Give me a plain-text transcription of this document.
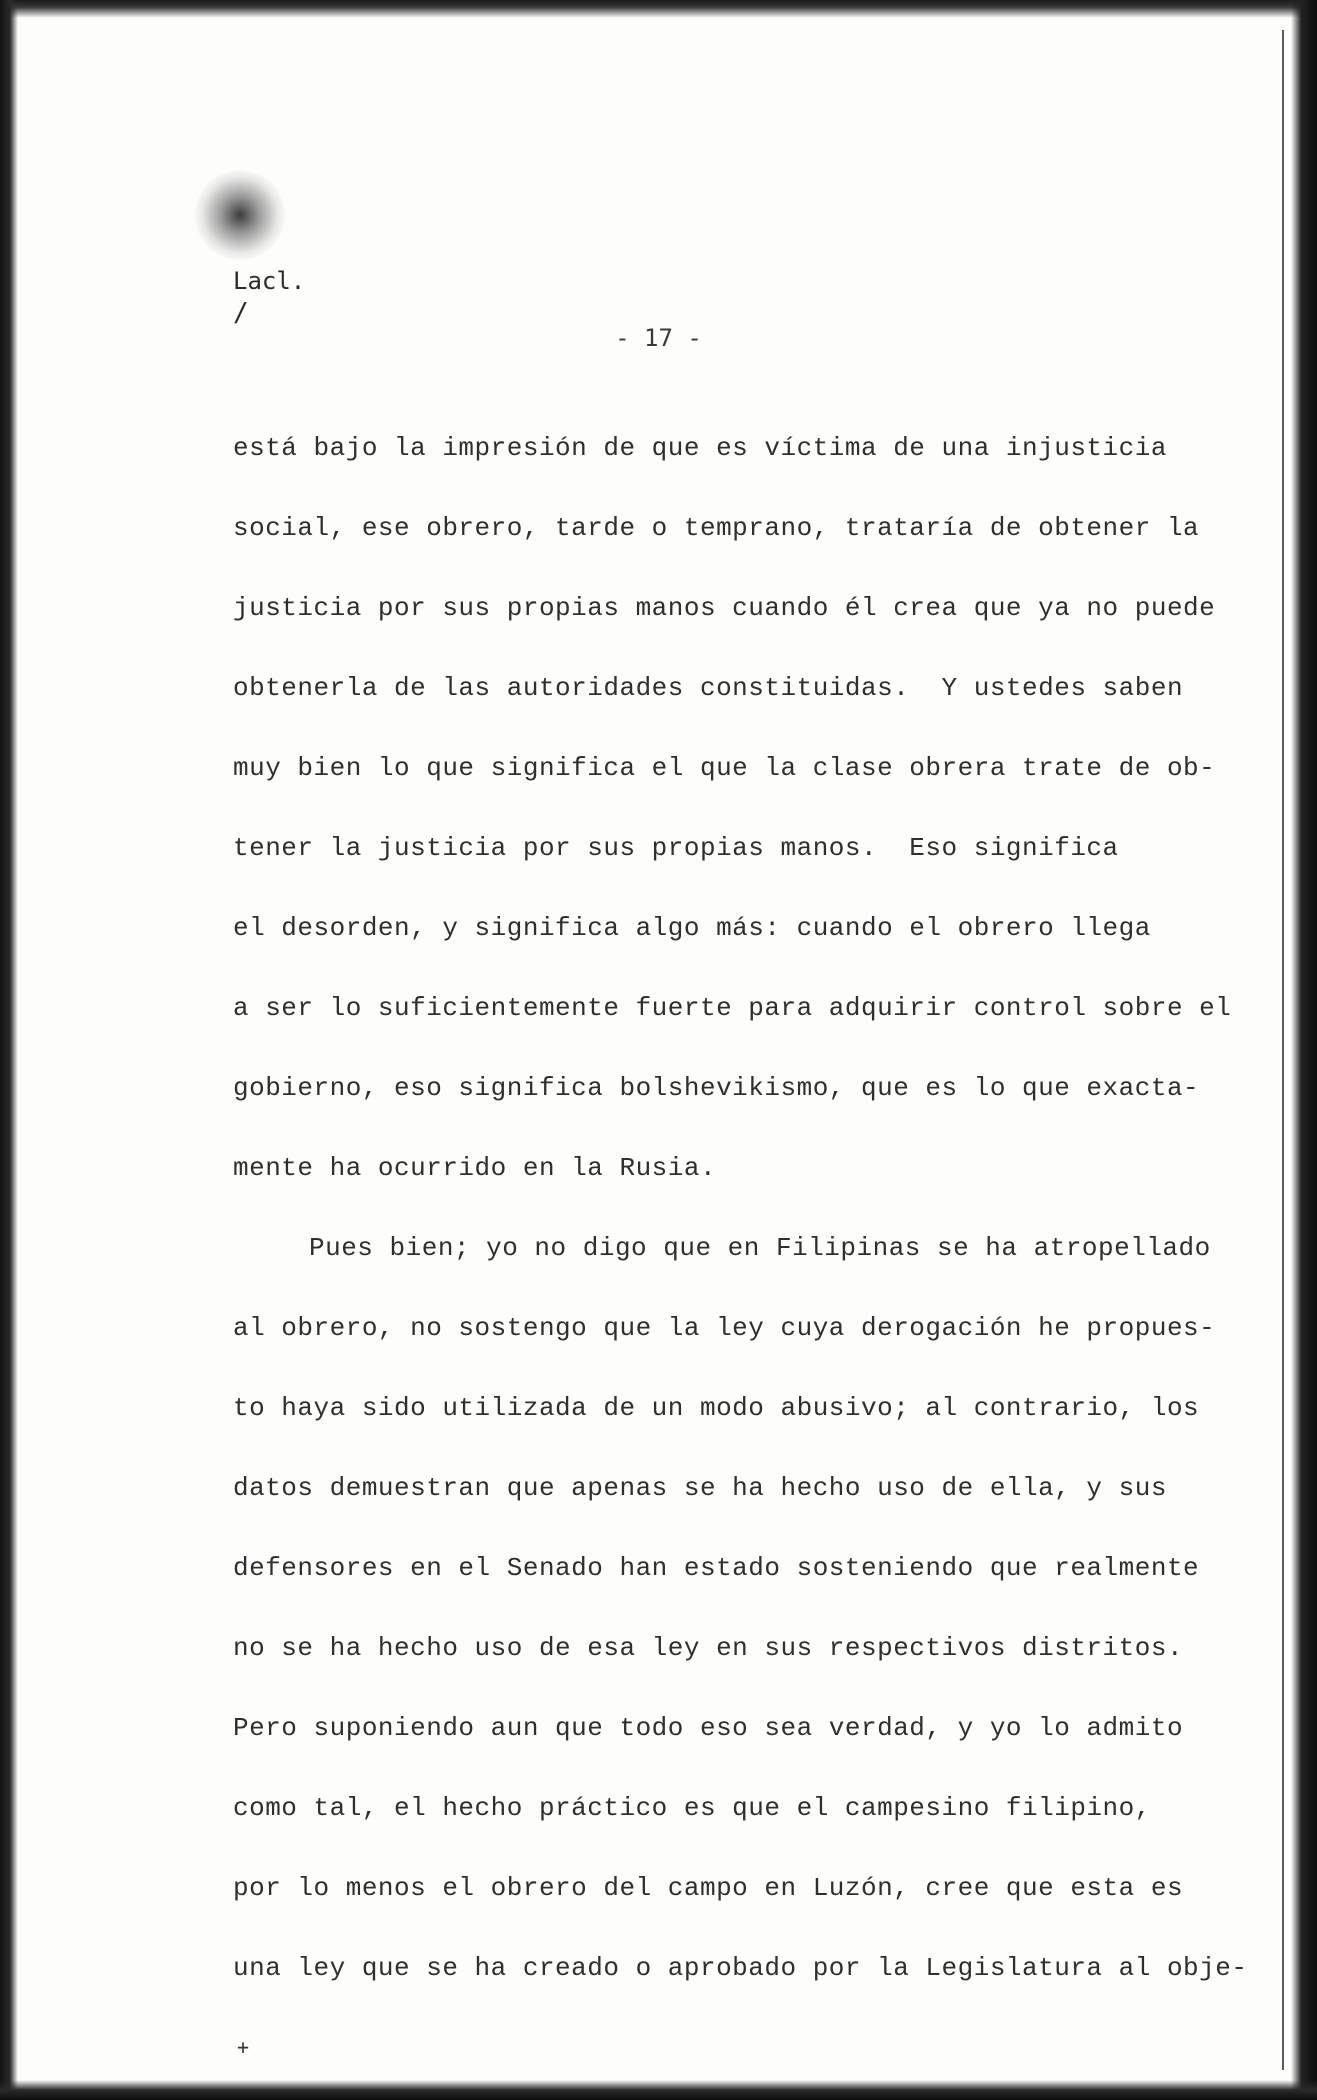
Lacl.
/
- 17 -
está bajo la impresión de que es víctima de una injusticia
social, ese obrero, tarde o temprano, trataría de obtener la
justicia por sus propias manos cuando él crea que ya no puede
obtenerla de las autoridades constituidas.  Y ustedes saben
muy bien lo que significa el que la clase obrera trate de ob-
tener la justicia por sus propias manos.  Eso significa
el desorden, y significa algo más: cuando el obrero llega
a ser lo suficientemente fuerte para adquirir control sobre el
gobierno, eso significa bolshevikismo, que es lo que exacta-
mente ha ocurrido en la Rusia.
Pues bien; yo no digo que en Filipinas se ha atropellado
al obrero, no sostengo que la ley cuya derogación he propues-
to haya sido utilizada de un modo abusivo; al contrario, los
datos demuestran que apenas se ha hecho uso de ella, y sus
defensores en el Senado han estado sosteniendo que realmente
no se ha hecho uso de esa ley en sus respectivos distritos.
Pero suponiendo aun que todo eso sea verdad, y yo lo admito
como tal, el hecho práctico es que el campesino filipino,
por lo menos el obrero del campo en Luzón, cree que esta es
una ley que se ha creado o aprobado por la Legislatura al obje-
+
